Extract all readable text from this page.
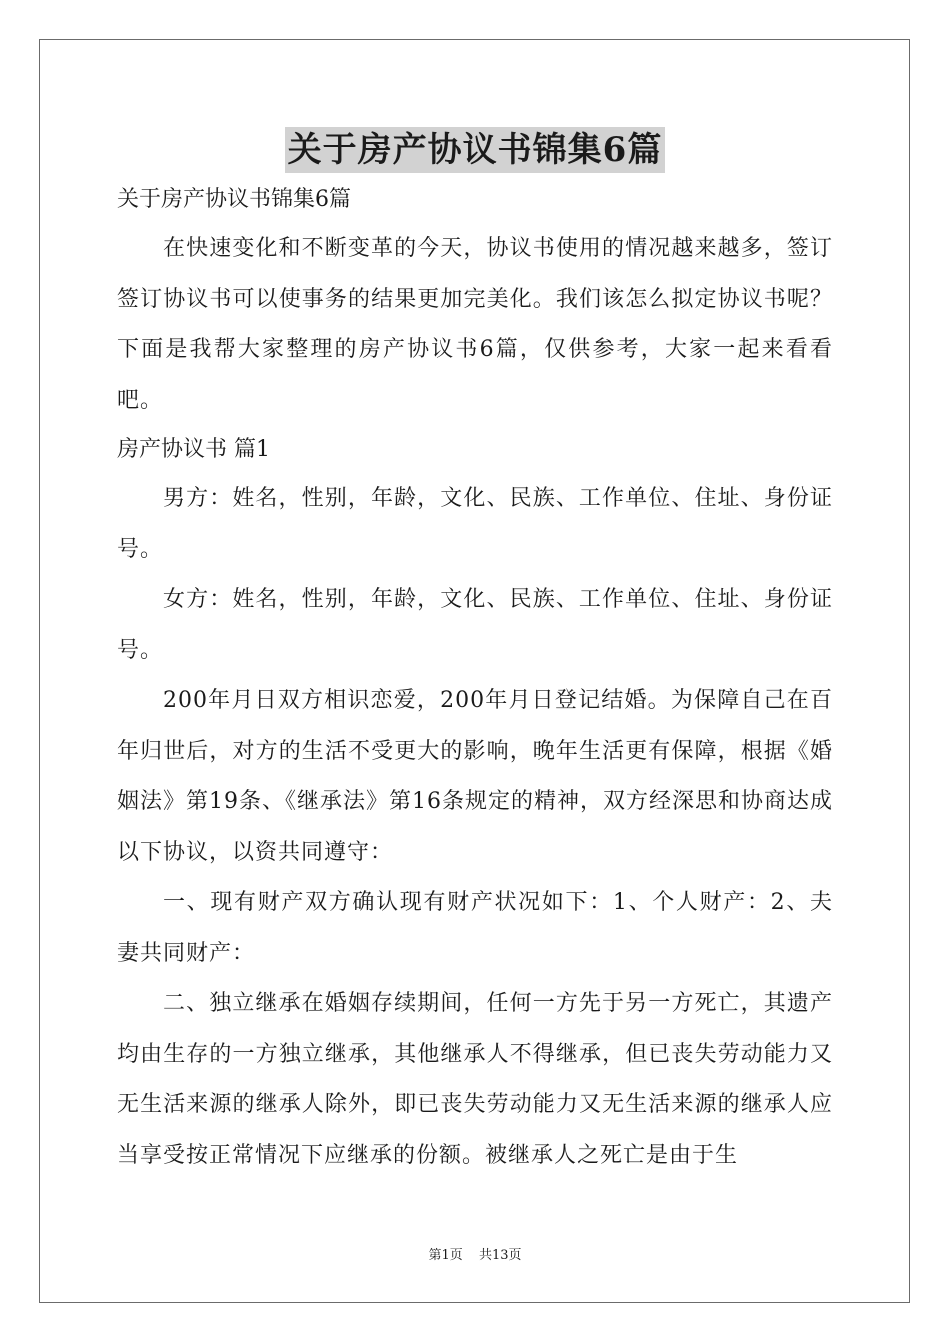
关于房产协议书锦集6篇

关于房产协议书锦集6篇

在快速变化和不断变革的今天，协议书使用的情况越来越多，签订签订协议书可以使事务的结果更加完美化。我们该怎么拟定协议书呢？下面是我帮大家整理的房产协议书6篇，仅供参考，大家一起来看看吧。

房产协议书 篇1

男方：姓名，性别，年龄，文化、民族、工作单位、住址、身份证号。

女方：姓名，性别，年龄，文化、民族、工作单位、住址、身份证号。

200年月日双方相识恋爱，200年月日登记结婚。为保障自己在百年归世后，对方的生活不受更大的影响，晚年生活更有保障，根据《婚姻法》第19条、《继承法》第16条规定的精神，双方经深思和协商达成以下协议，以资共同遵守：

一、现有财产双方确认现有财产状况如下：1、个人财产：2、夫妻共同财产：

二、独立继承在婚姻存续期间，任何一方先于另一方死亡，其遗产均由生存的一方独立继承，其他继承人不得继承，但已丧失劳动能力又无生活来源的继承人除外，即已丧失劳动能力又无生活来源的继承人应当享受按正常情况下应继承的份额。被继承人之死亡是由于生

第1页 共13页
